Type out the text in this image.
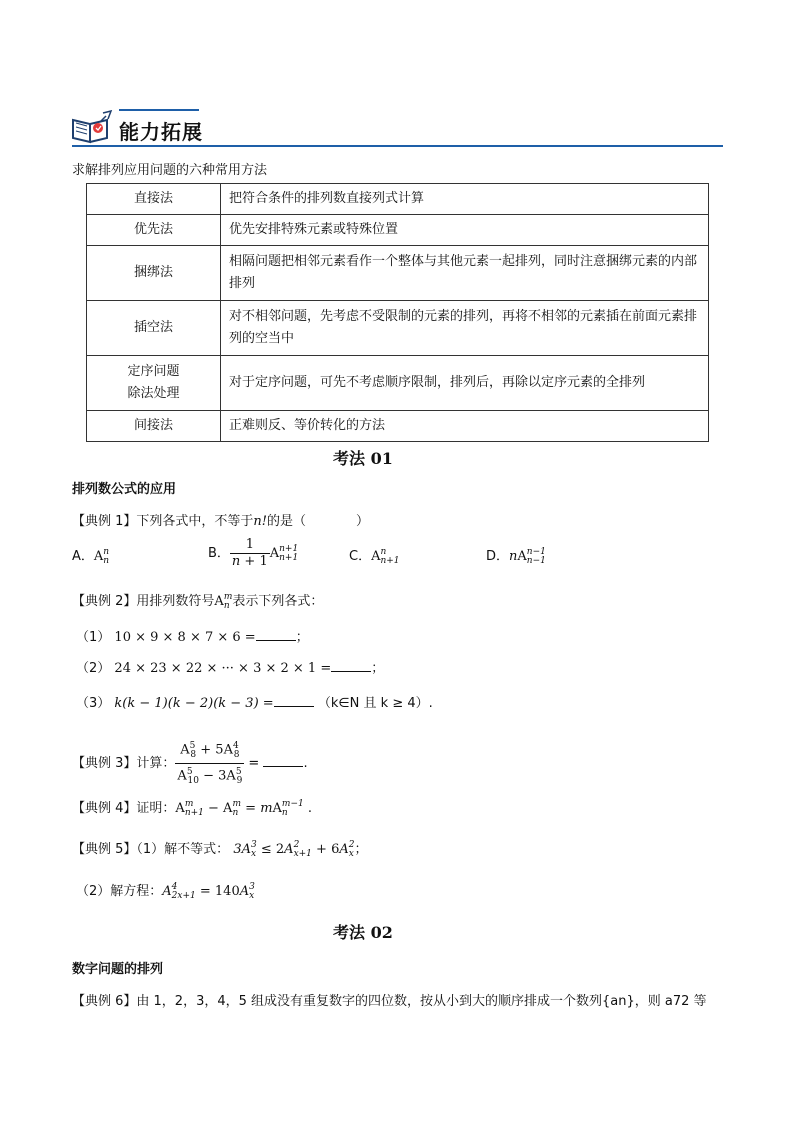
能力拓展
求解排列应用问题的六种常用方法
直接法	把符合条件的排列数直接列式计算
优先法	优先安排特殊元素或特殊位置
捆绑法	相隔问题把相邻元素看作一个整体与其他元素一起排列，同时注意捆绑元素的内部排列
插空法	对不相邻问题，先考虑不受限制的元素的排列，再将不相邻的元素插在前面元素排列的空当中

定序问题
除法处理	对于定序问题，可先不考虑顺序限制，排列后，再除以定序元素的全排列
间接法	正难则反、等价转化的方法
考法 01
排列数公式的应用
【典例 1】下列各式中，不等于n!的是（	）
A．A n
n	B． $\frac{1}{n + 1}$ A n+1
n+1	C．A n
n+1	D．nA n−1
n−1
【典例 2】用排列数符号A m
n 表示下列各式：
（1） 10 × 9 × 8 × 7 × 6 =	；
（2） 24 × 23 × 22 × ··· × 3 × 2 × 1 =	；
（3） k(k − 1)(k − 2)(k − 3) =	（k∈N 且 k ≥ 4）.
【典例 3】计算： $\frac{A^5_8 + 5A^4_8}{A^5_{10} - 3A^5_9}$ =	.
【典例 4】证明：A m
n+1 − A m
n = mA m−1
n	.
【典例 5】（1）解不等式： 3A 3
x ≤ 2A 2
x+1 + 6A 2
x ；
（2）解方程：A 4
2x+1 = 140A 3
x
考法 02
数字问题的排列
【典例 6】由 1，2，3，4，5 组成没有重复数字的四位数，按从小到大的顺序排成一个数列{an}，则 a72 等
